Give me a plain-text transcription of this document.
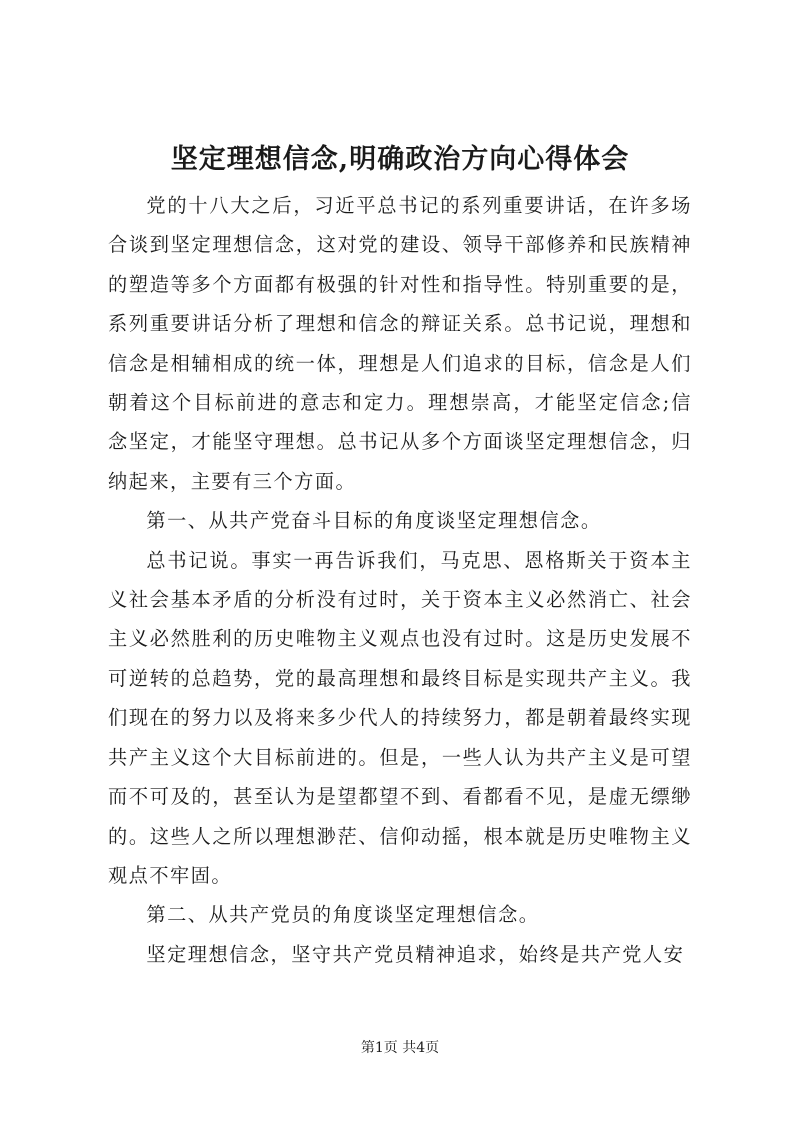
坚定理想信念,明确政治方向心得体会

党的十八大之后，习近平总书记的系列重要讲话，在许多场合谈到坚定理想信念，这对党的建设、领导干部修养和民族精神的塑造等多个方面都有极强的针对性和指导性。特别重要的是，系列重要讲话分析了理想和信念的辩证关系。总书记说，理想和信念是相辅相成的统一体，理想是人们追求的目标，信念是人们朝着这个目标前进的意志和定力。理想崇高，才能坚定信念;信念坚定，才能坚守理想。总书记从多个方面谈坚定理想信念，归纳起来，主要有三个方面。

第一、从共产党奋斗目标的角度谈坚定理想信念。

总书记说。事实一再告诉我们，马克思、恩格斯关于资本主义社会基本矛盾的分析没有过时，关于资本主义必然消亡、社会主义必然胜利的历史唯物主义观点也没有过时。这是历史发展不可逆转的总趋势，党的最高理想和最终目标是实现共产主义。我们现在的努力以及将来多少代人的持续努力，都是朝着最终实现共产主义这个大目标前进的。但是，一些人认为共产主义是可望而不可及的，甚至认为是望都望不到、看都看不见，是虚无缥缈的。这些人之所以理想渺茫、信仰动摇，根本就是历史唯物主义观点不牢固。

第二、从共产党员的角度谈坚定理想信念。

坚定理想信念，坚守共产党员精神追求，始终是共产党人安

第1页 共4页
